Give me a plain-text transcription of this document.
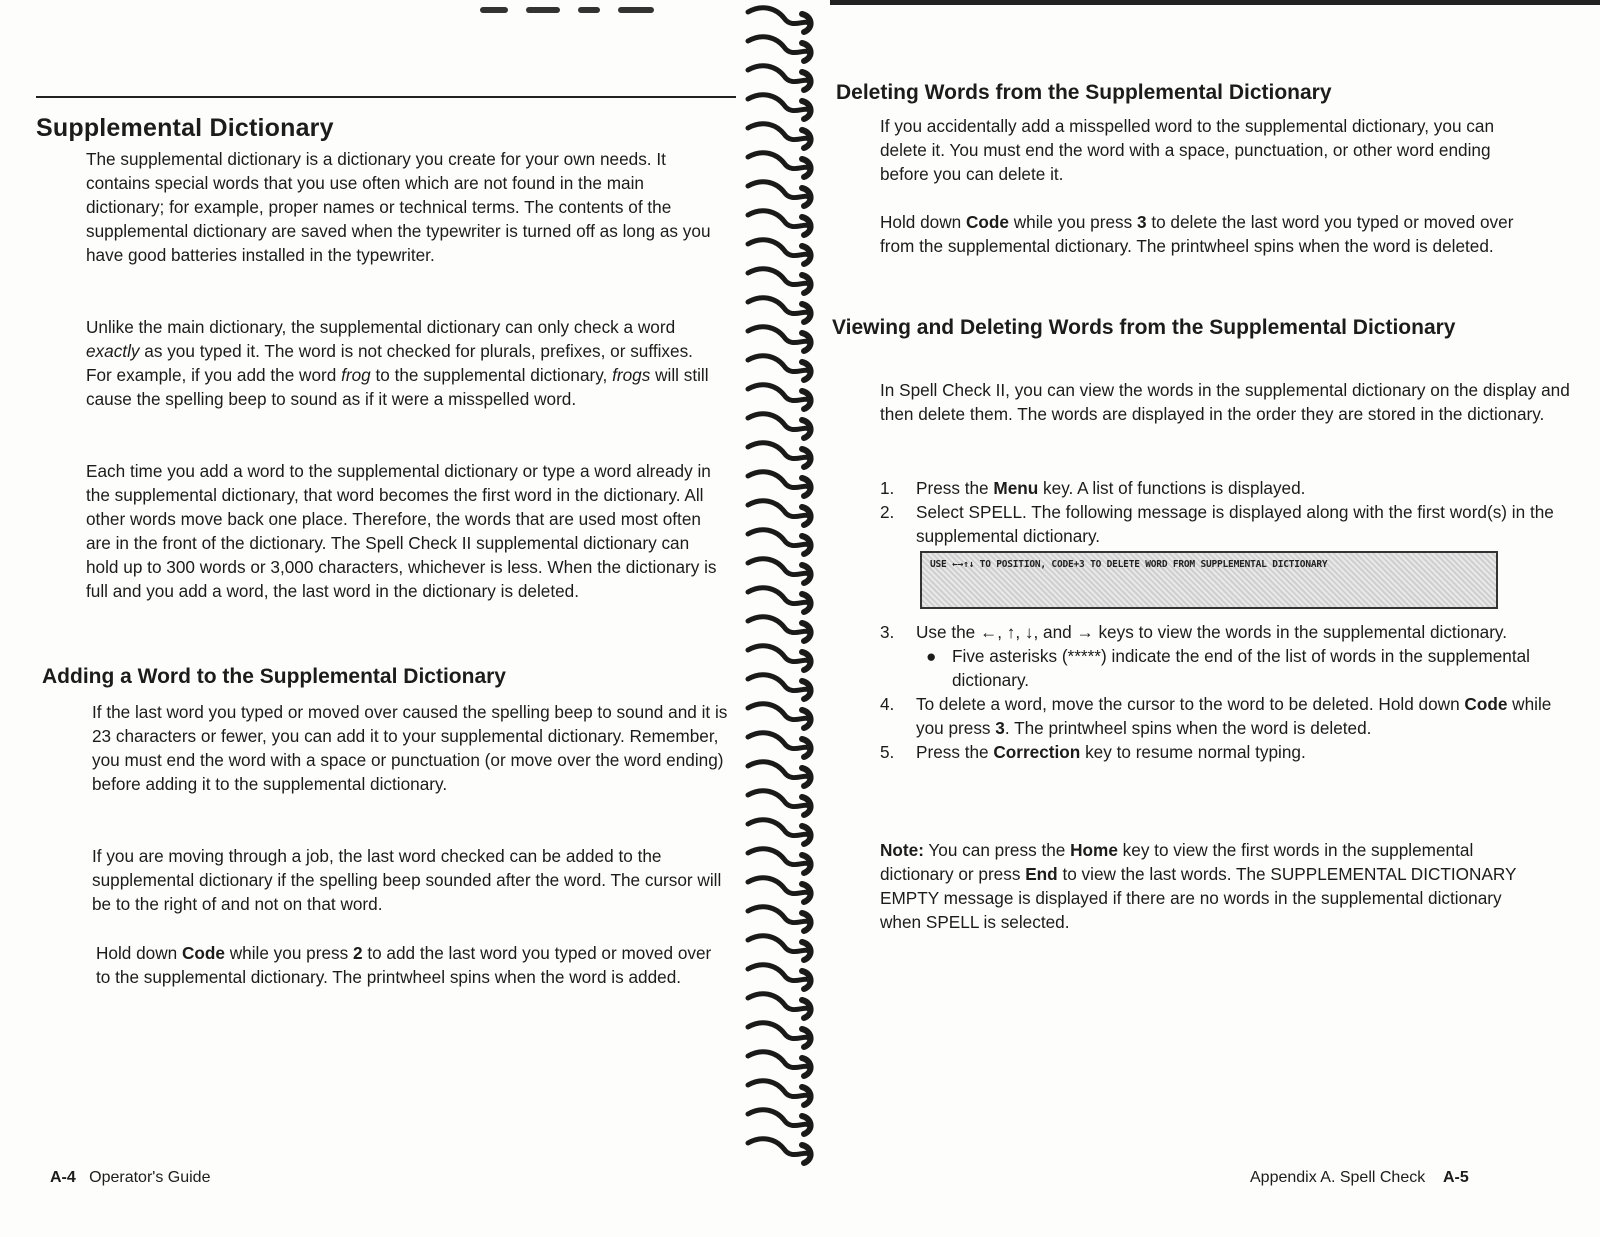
Supplemental Dictionary

The supplemental dictionary is a dictionary you create for your own needs. It contains special words that you use often which are not found in the main dictionary; for example, proper names or technical terms. The contents of the supplemental dictionary are saved when the typewriter is turned off as long as you have good batteries installed in the typewriter.

Unlike the main dictionary, the supplemental dictionary can only check a word exactly as you typed it. The word is not checked for plurals, prefixes, or suffixes. For example, if you add the word frog to the supplemental dictionary, frogs will still cause the spelling beep to sound as if it were a misspelled word.

Each time you add a word to the supplemental dictionary or type a word already in the supplemental dictionary, that word becomes the first word in the dictionary. All other words move back one place. Therefore, the words that are used most often are in the front of the dictionary. The Spell Check II supplemental dictionary can hold up to 300 words or 3,000 characters, whichever is less. When the dictionary is full and you add a word, the last word in the dictionary is deleted.

Adding a Word to the Supplemental Dictionary

If the last word you typed or moved over caused the spelling beep to sound and it is 23 characters or fewer, you can add it to your supplemental dictionary. Remember, you must end the word with a space or punctuation (or move over the word ending) before adding it to the supplemental dictionary.

If you are moving through a job, the last word checked can be added to the supplemental dictionary if the spelling beep sounded after the word. The cursor will be to the right of and not on that word.

Hold down Code while you press 2 to add the last word you typed or moved over to the supplemental dictionary. The printwheel spins when the word is added.

A-4 Operator's Guide
Deleting Words from the Supplemental Dictionary

If you accidentally add a misspelled word to the supplemental dictionary, you can delete it. You must end the word with a space, punctuation, or other word ending before you can delete it.

Hold down Code while you press 3 to delete the last word you typed or moved over from the supplemental dictionary. The printwheel spins when the word is deleted.

Viewing and Deleting Words from the Supplemental Dictionary

In Spell Check II, you can view the words in the supplemental dictionary on the display and then delete them. The words are displayed in the order they are stored in the dictionary.

1. Press the Menu key. A list of functions is displayed.
2. Select SPELL. The following message is displayed along with the first word(s) in the supplemental dictionary.
USE ←→↑↓ TO POSITION, CODE+3 TO DELETE WORD FROM SUPPLEMENTAL DICTIONARY
3. Use the ←, ↑, ↓, and → keys to view the words in the supplemental dictionary.
● Five asterisks (*****) indicate the end of the list of words in the supplemental dictionary.
4. To delete a word, move the cursor to the word to be deleted. Hold down Code while you press 3. The printwheel spins when the word is deleted.
5. Press the Correction key to resume normal typing.

Note: You can press the Home key to view the first words in the supplemental dictionary or press End to view the last words. The SUPPLEMENTAL DICTIONARY EMPTY message is displayed if there are no words in the supplemental dictionary when SPELL is selected.

Appendix A. Spell Check A-5
